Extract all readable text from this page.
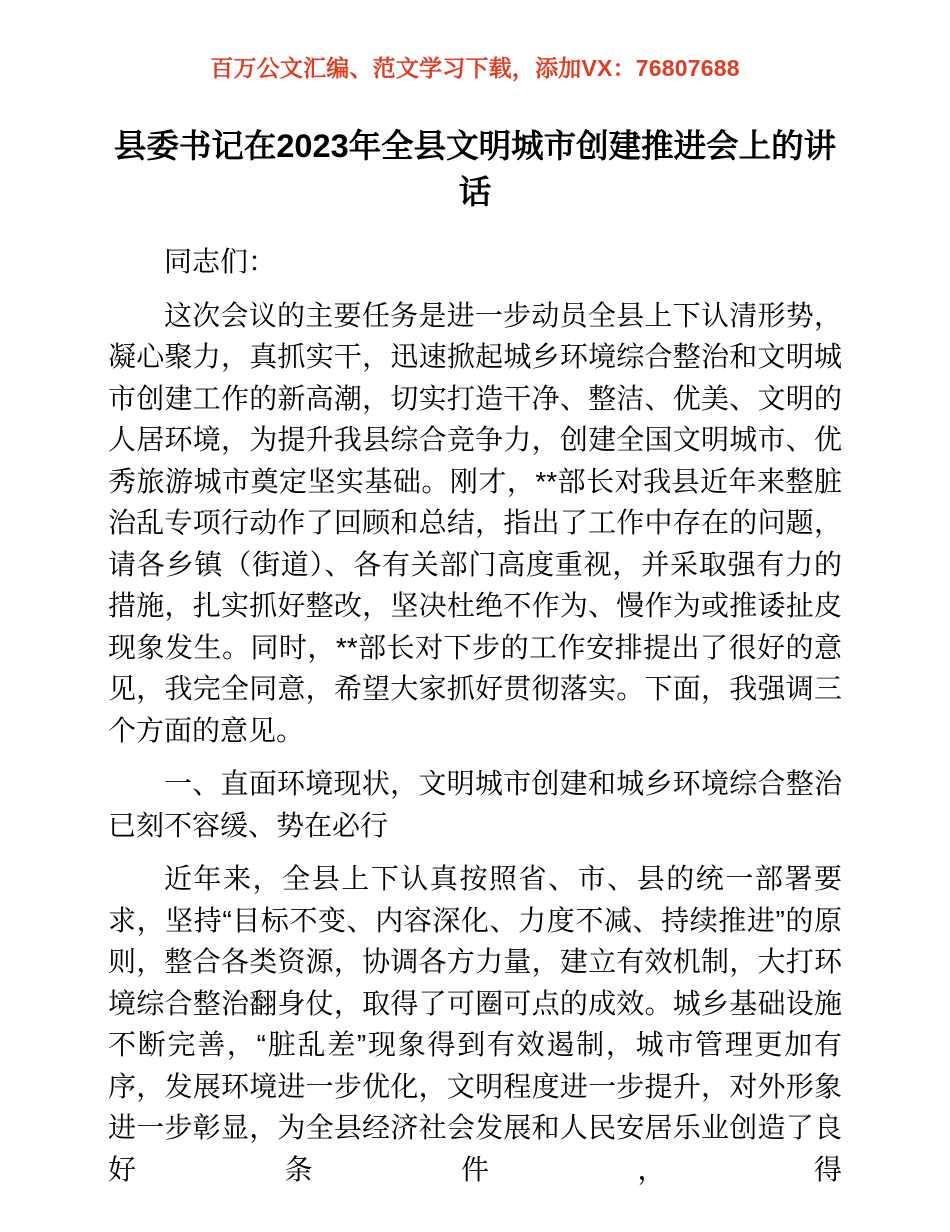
百万公文汇编、范文学习下载，添加VX：76807688
县委书记在2023年全县文明城市创建推进会上的讲话

同志们：

这次会议的主要任务是进一步动员全县上下认清形势，凝心聚力，真抓实干，迅速掀起城乡环境综合整治和文明城市创建工作的新高潮，切实打造干净、整洁、优美、文明的人居环境，为提升我县综合竞争力，创建全国文明城市、优秀旅游城市奠定坚实基础。刚才，**部长对我县近年来整脏治乱专项行动作了回顾和总结，指出了工作中存在的问题，请各乡镇（街道）、各有关部门高度重视，并采取强有力的措施，扎实抓好整改，坚决杜绝不作为、慢作为或推诿扯皮现象发生。同时，**部长对下步的工作安排提出了很好的意见，我完全同意，希望大家抓好贯彻落实。下面，我强调三个方面的意见。

一、直面环境现状，文明城市创建和城乡环境综合整治已刻不容缓、势在必行

近年来，全县上下认真按照省、市、县的统一部署要求，坚持“目标不变、内容深化、力度不减、持续推进”的原则，整合各类资源，协调各方力量，建立有效机制，大打环境综合整治翻身仗，取得了可圈可点的成效。城乡基础设施不断完善，“脏乱差”现象得到有效遏制，城市管理更加有序，发展环境进一步优化，文明程度进一步提升，对外形象进一步彰显，为全县经济社会发展和人民安居乐业创造了良好条件，得
